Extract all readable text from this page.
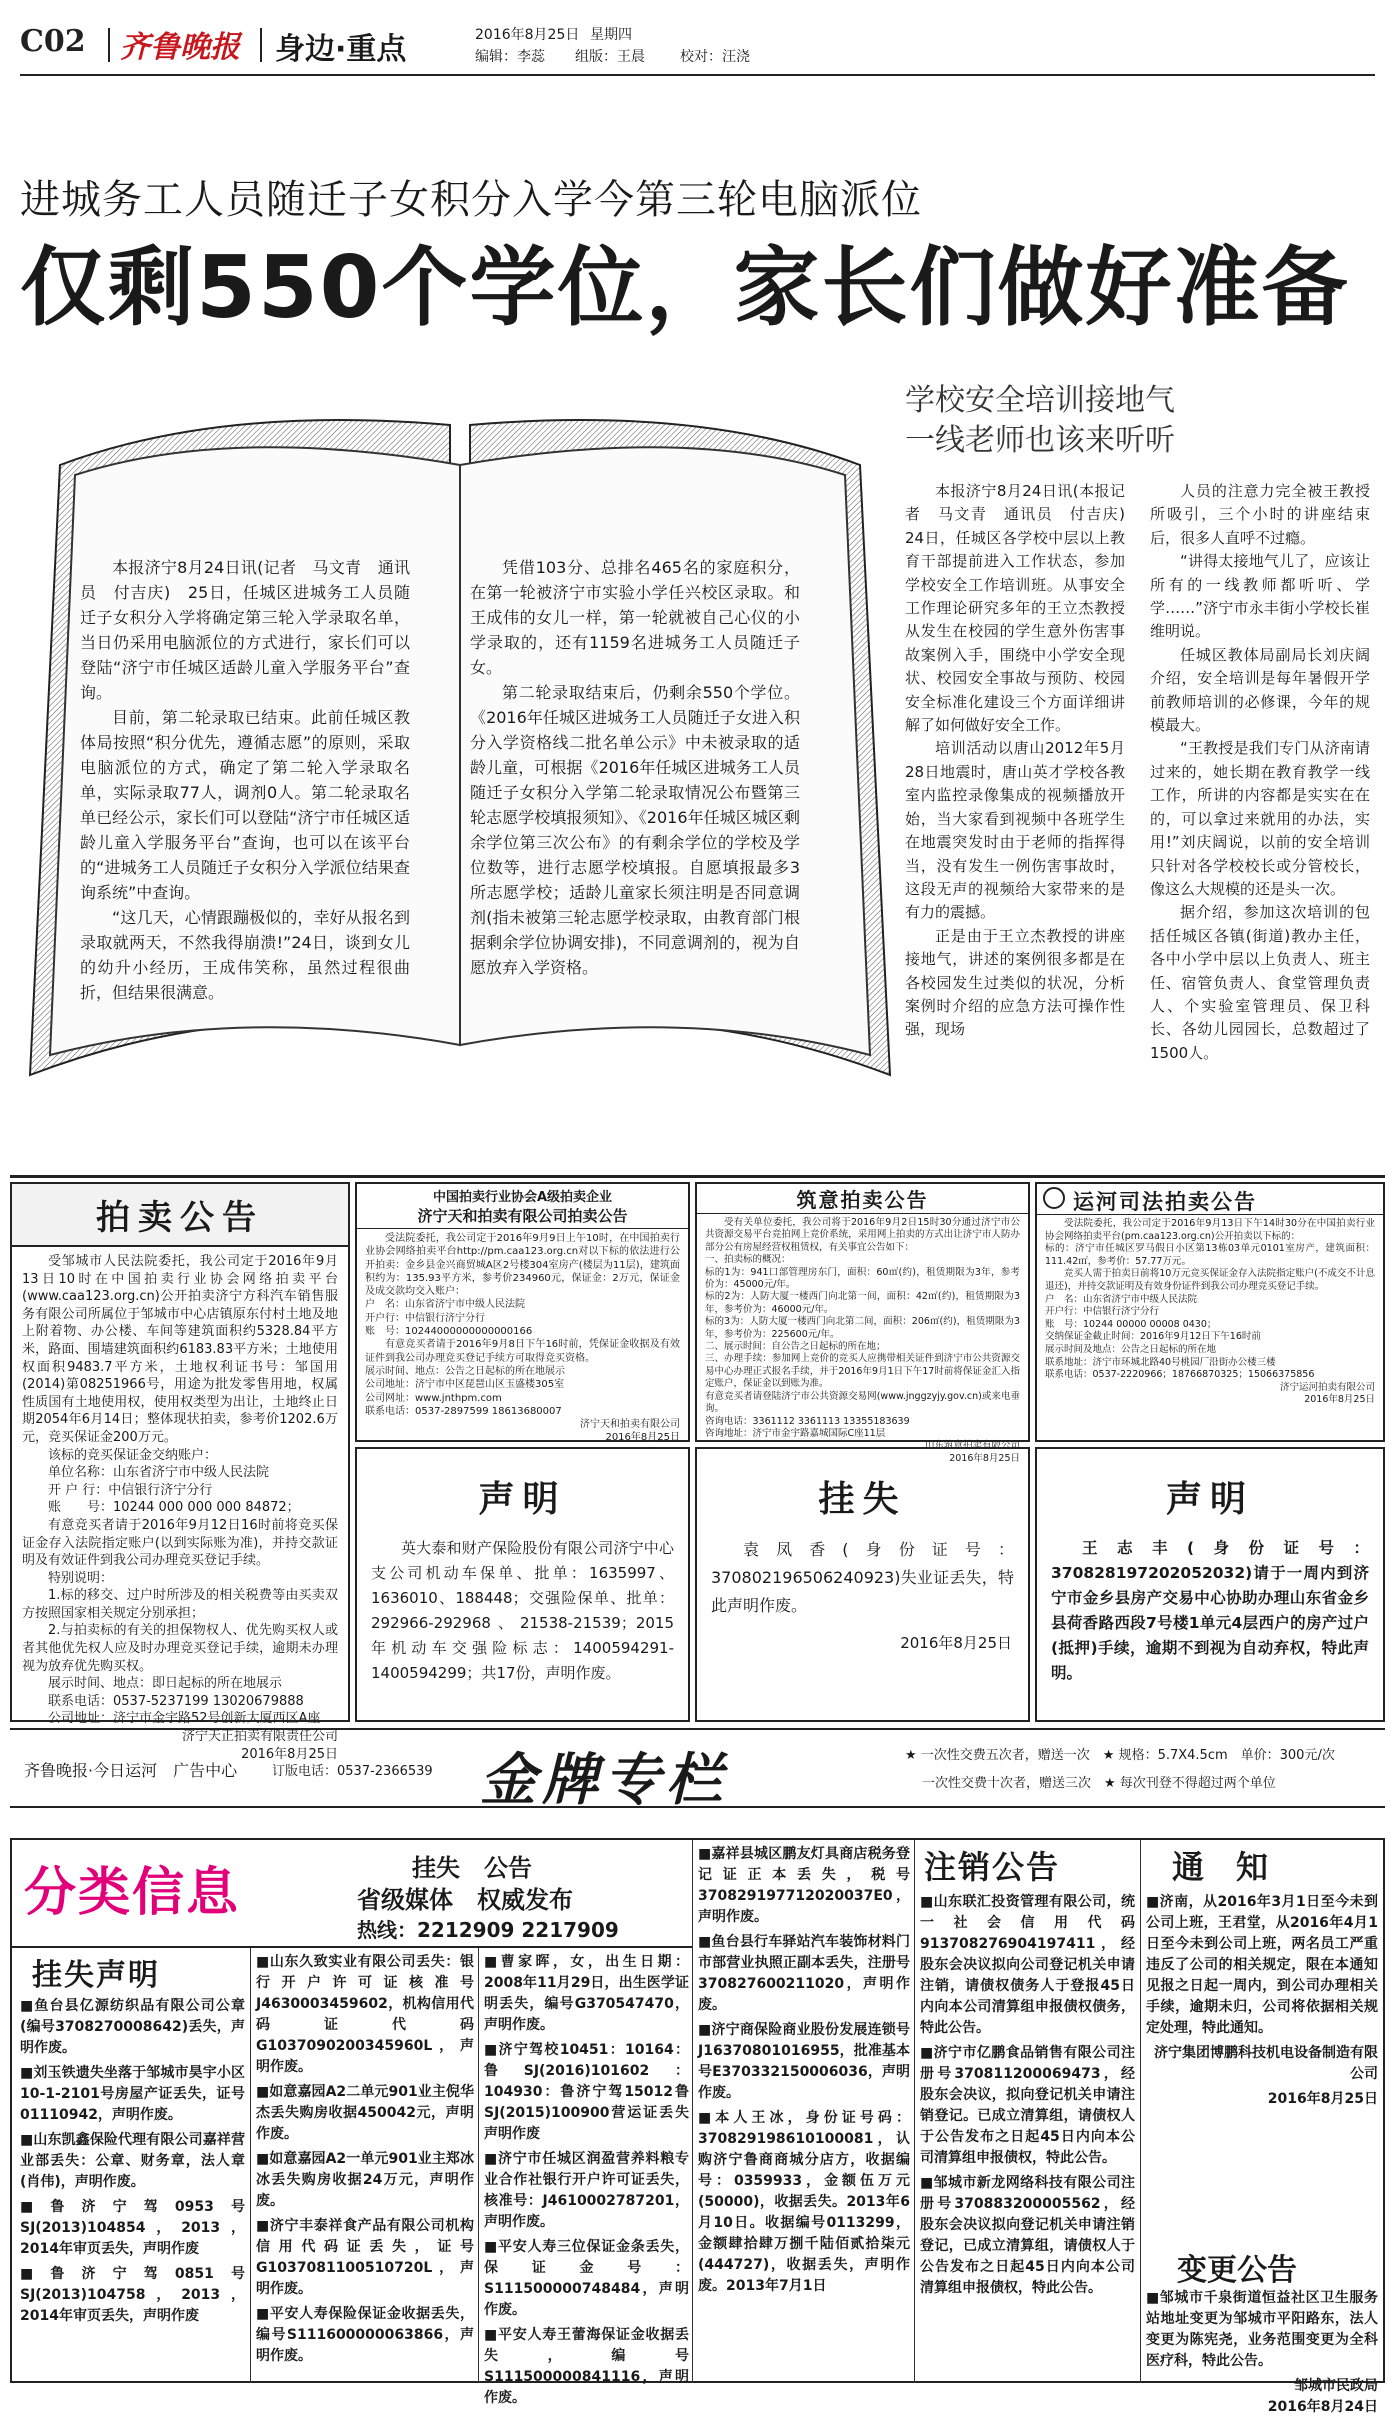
C02 齐鲁晚报 身边·重点	2016年8月25日 星期四
编辑：李蕊 组版：王晨	校对：汪浇
进城务工人员随迁子女积分入学今第三轮电脑派位
仅剩550个学位，家长们做好准备

本报济宁8月24日讯(记者　马文青　通讯员　付吉庆)　25日，任城区进城务工人员随迁子女积分入学将确定第三轮入学录取名单，当日仍采用电脑派位的方式进行，家长们可以登陆“济宁市任城区适龄儿童入学服务平台”查询。

目前，第二轮录取已结束。此前任城区教体局按照“积分优先，遵循志愿”的原则，采取电脑派位的方式，确定了第二轮入学录取名单，实际录取77人，调剂0人。第二轮录取名单已经公示，家长们可以登陆“济宁市任城区适龄儿童入学服务平台”查询，也可以在该平台的“进城务工人员随迁子女积分入学派位结果查询系统”中查询。

“这几天，心情跟蹦极似的，幸好从报名到录取就两天，不然我得崩溃!”24日，谈到女儿的幼升小经历，王成伟笑称，虽然过程很曲折，但结果很满意。

凭借103分、总排名465名的家庭积分，在第一轮被济宁市实验小学任兴校区录取。和王成伟的女儿一样，第一轮就被自己心仪的小学录取的，还有1159名进城务工人员随迁子女。

第二轮录取结束后，仍剩余550个学位。《2016年任城区进城务工人员随迁子女进入积分入学资格线二批名单公示》中未被录取的适龄儿童，可根据《2016年任城区进城务工人员随迁子女积分入学第二轮录取情况公布暨第三轮志愿学校填报须知》、《2016年任城区城区剩余学位第三次公布》的有剩余学位的学校及学位数等，进行志愿学校填报。自愿填报最多3所志愿学校；适龄儿童家长须注明是否同意调剂(指未被第三轮志愿学校录取，由教育部门根据剩余学位协调安排)，不同意调剂的，视为自愿放弃入学资格。

学校安全培训接地气
一线老师也该来听听

本报济宁8月24日讯(本报记者　马文青　通讯员　付吉庆)　24日，任城区各学校中层以上教育干部提前进入工作状态，参加学校安全工作培训班。从事安全工作理论研究多年的王立杰教授从发生在校园的学生意外伤害事故案例入手，围绕中小学安全现状、校园安全事故与预防、校园安全标准化建设三个方面详细讲解了如何做好安全工作。

培训活动以唐山2012年5月28日地震时，唐山英才学校各教室内监控录像集成的视频播放开始，当大家看到视频中各班学生在地震突发时由于老师的指挥得当，没有发生一例伤害事故时，这段无声的视频给大家带来的是有力的震撼。

正是由于王立杰教授的讲座接地气，讲述的案例很多都是在各校园发生过类似的状况，分析案例时介绍的应急方法可操作性强，现场

人员的注意力完全被王教授所吸引，三个小时的讲座结束后，很多人直呼不过瘾。

“讲得太接地气儿了，应该让所有的一线教师都听听、学学……”济宁市永丰街小学校长崔维明说。

任城区教体局副局长刘庆阔介绍，安全培训是每年暑假开学前教师培训的必修课，今年的规模最大。

“王教授是我们专门从济南请过来的，她长期在教育教学一线工作，所讲的内容都是实实在在的，可以拿过来就用的办法，实用!”刘庆阔说，以前的安全培训只针对各学校校长或分管校长，像这么大规模的还是头一次。

据介绍，参加这次培训的包括任城区各镇(街道)教办主任，各中小学中层以上负责人、班主任、宿管负责人、食堂管理负责人、个实验室管理员、保卫科长、各幼儿园园长，总数超过了1500人。

拍卖公告

受邹城市人民法院委托，我公司定于2016年9月13日10时在中国拍卖行业协会网络拍卖平台(www.caa123.org.cn)公开拍卖济宁方科汽车销售服务有限公司所属位于邹城市中心店镇原东付村土地及地上附着物、办公楼、车间等建筑面积约5328.84平方米，路面、围墙建筑面积约6183.83平方米；土地使用权面积9483.7平方米，土地权利证书号：邹国用(2014)第08251966号，用途为批发零售用地，权属性质国有土地使用权，使用权类型为出让，土地终止日期2054年6月14日；整体现状拍卖，参考价1202.6万元，竞买保证金200万元。

该标的竞买保证金交纳账户：

单位名称：山东省济宁市中级人民法院

开 户 行：中信银行济宁分行

账　　号：10244 000 000 000 84872；

有意竞买者请于2016年9月12日16时前将竞买保证金存入法院指定账户(以到实际账为准)，并持交款证明及有效证件到我公司办理竞买登记手续。

特别说明：

1.标的移交、过户时所涉及的相关税费等由买卖双方按照国家相关规定分别承担；

2.与拍卖标的有关的担保物权人、优先购买权人或者其他优先权人应及时办理竞买登记手续，逾期未办理视为放弃优先购买权。

展示时间、地点：即日起标的所在地展示

联系电话：0537-5237199 13020679888

公司地址：济宁市金宇路52号创新大厦西区A座

济宁天正拍卖有限责任公司

2016年8月25日

中国拍卖行业协会A级拍卖企业
济宁天和拍卖有限公司拍卖公告

受法院委托，我公司定于2016年9月9日上午10时，在中国拍卖行业协会网络拍卖平台http://pm.caa123.org.cn对以下标的依法进行公开拍卖：金乡县金兴商贸城A区2号楼304室房产(楼层为11层)，建筑面积约为：135.93平方米，参考价234960元，保证金：2万元，保证金及成交款均交入账户：

户　名：山东省济宁市中级人民法院

开户行：中信银行济宁分行

账　号：10244000000000000166

有意竞买者请于2016年9月8日下午16时前，凭保证金收据及有效证件到我公司办理竞买登记手续方可取得竞买资格。

展示时间、地点：公告之日起标的所在地展示

公司地址：济宁市中区琵琶山区玉盛楼305室

公司网址：www.jnthpm.com

联系电话：0537-2897599 18613680007

济宁天和拍卖有限公司

2016年8月25日

筑意拍卖公告

受有关单位委托，我公司将于2016年9月2日15时30分通过济宁市公共资源交易平台竞拍网上竞价系统，采用网上拍卖的方式出让济宁市人防办部分公有房屋经营权租赁权，有关事宜公告如下：

一、拍卖标的概况：

标的1为：941口部管理房东门，面积：60㎡(约)，租赁期限为3年，参考价为：45000元/年。

标的2为：人防大厦一楼西门向北第一间，面积：42㎡(约)，租赁期限为3年，参考价为：46000元/年。

标的3为：人防大厦一楼西门向北第二间，面积：206㎡(约)，租赁期限为3年，参考价为：225600元/年。

二、展示时间：自公告之日起标的所在地；

三、办理手续：参加网上竞价的竞买人应携带相关证件到济宁市公共资源交易中心办理正式报名手续，并于2016年9月1日下午17时前将保证金汇入指定账户，保证金以到账为准。

有意竞买者请登陆济宁市公共资源交易网(www.jnggzyjy.gov.cn)或来电垂询。

咨询电话：3361112 3361113 13355183639

咨询地址：济宁市金宇路嘉城国际C座11层

山东筑意拍卖有限公司

2016年8月25日

运河司法拍卖公告

受法院委托，我公司定于2016年9月13日下午14时30分在中国拍卖行业协会网络拍卖平台(pm.caa123.org.cn)公开拍卖以下标的：

标的：济宁市任城区罗马假日小区第13栋03单元0101室房产，建筑面积：111.42㎡，参考价：57.77万元。

竞买人需于拍卖日前将10万元竞买保证金存入法院指定账户(不成交不计息退还)，并持交款证明及有效身份证件到我公司办理竞买登记手续。

户　名：山东省济宁市中级人民法院

开户行：中信银行济宁分行

账　号：10244 00000 00008 0430；

交纳保证金截止时间：2016年9月12日下午16时前

展示时间及地点：公告之日起标的所在地

联系地址：济宁市环城北路40号桃园厂沿街办公楼三楼

联系电话：0537-2220966；18766870325；15066375856

济宁运河拍卖有限公司

2016年8月25日

声明
英大泰和财产保险股份有限公司济宁中心支公司机动车保单、批单：1635997、1636010、188448；交强险保单、批单：292966-292968、21538-21539；2015年机动车交强险标志：1400594291-1400594299；共17份，声明作废。
挂失
袁凤香(身份证号：370802196506240923)失业证丢失，特此声明作废。
2016年8月25日
声明
王志丰(身份证号：370828197202052032)请于一周内到济宁市金乡县房产交易中心协助办理山东省金乡县荷香路西段7号楼1单元4层西户的房产过户(抵押)手续，逾期不到视为自动弃权，特此声明。
齐鲁晚报·今日运河　广告中心	订版电话：0537-2366539 金牌专栏	★ 一次性交费五次者，赠送一次　★ 规格：5.7X4.5cm　单价：300元/次
一次性交费十次者，赠送三次　★ 每次刊登不得超过两个单位
分类信息	挂失　公告
省级媒体　权威发布
热线：2212909 2217909
挂失声明

■鱼台县亿源纺织品有限公司公章(编号3708270008642)丢失，声明作废。

■刘玉铁遗失坐落于邹城市昊宇小区10-1-2101号房屋产证丢失，证号01110942，声明作废。

■山东凯鑫保险代理有限公司嘉祥营业部丢失：公章、财务章，法人章(肖伟)，声明作废。

■鲁济宁驾0953号SJ(2013)104854，2013，2014年审页丢失，声明作废

■鲁济宁驾0851号SJ(2013)104758，2013，2014年审页丢失，声明作废

■山东久致实业有限公司丢失：银行开户许可证核准号J4630003459602，机构信用代码证代码G1037090200345960L，声明作废。

■如意嘉园A2二单元901业主倪华杰丢失购房收据450042元，声明作废。

■如意嘉园A2一单元901业主郑冰冰丢失购房收据24万元，声明作废。

■济宁丰泰祥食产品有限公司机构信用代码证丢失，证号G1037081100510720L，声明作废。

■平安人寿保险保证金收据丢失，编号S111600000063866，声明作废。

■曹家晖，女，出生日期：2008年11月29日，出生医学证明丢失，编号G370547470，声明作废。

■济宁驾校10451：10164：鲁SJ(2016)101602：104930：鲁济宁驾15012鲁SJ(2015)100900营运证丢失声明作废

■济宁市任城区润盈营养料粮专业合作社银行开户许可证丢失，核准号：J4610002787201，声明作废。

■平安人寿三位保证金条丢失，保证金号：S111500000748484，声明作废。

■平安人寿王蕾海保证金收据丢失，编号S111500000841116，声明作废。

■嘉祥县城区鹏友灯具商店税务登记证正本丢失，税号370829197712020037E0，声明作废。

■鱼台县行车驿站汽车装饰材料门市部营业执照正副本丢失，注册号370827600211020，声明作废。

■济宁商保险商业股份发展连锁号J16370801016955，批准基本号E370332150006036，声明作废。

■本人王冰，身份证号码：370829198610100081，认购济宁鲁商商城分店方，收据编号：0359933，金额伍万元(50000)，收据丢失。2013年6月10日。收据编号0113299，金额肆拾肆万捌千陆佰贰拾柒元(444727)，收据丢失，声明作废。2013年7月1日

注销公告

■山东联汇投资管理有限公司，统一社会信用代码913708276904197411，经股东会决议拟向公司登记机关申请注销，请债权债务人于登报45日内向本公司清算组申报债权债务，特此公告。

■济宁市亿鹏食品销售有限公司注册号370811200069473，经股东会决议，拟向登记机关申请注销登记。已成立清算组，请债权人于公告发布之日起45日内向本公司清算组申报债权，特此公告。

■邹城市新龙网络科技有限公司注册号370883200005562，经股东会决议拟向登记机关申请注销登记，已成立清算组，请债权人于公告发布之日起45日内向本公司清算组申报债权，特此公告。

通　知

■济南，从2016年3月1日至今未到公司上班，王君堂，从2016年4月1日至今未到公司上班，两名员工严重违反了公司的相关规定，限在本通知见报之日起一周内，到公司办理相关手续，逾期未归，公司将依据相关规定处理，特此通知。

济宁集团博鹏科技机电设备制造有限公司

2016年8月25日

变更公告

■邹城市千泉街道恒益社区卫生服务站地址变更为邹城市平阳路东，法人变更为陈宪尧，业务范围变更为全科医疗科，特此公告。

邹城市民政局

2016年8月24日
